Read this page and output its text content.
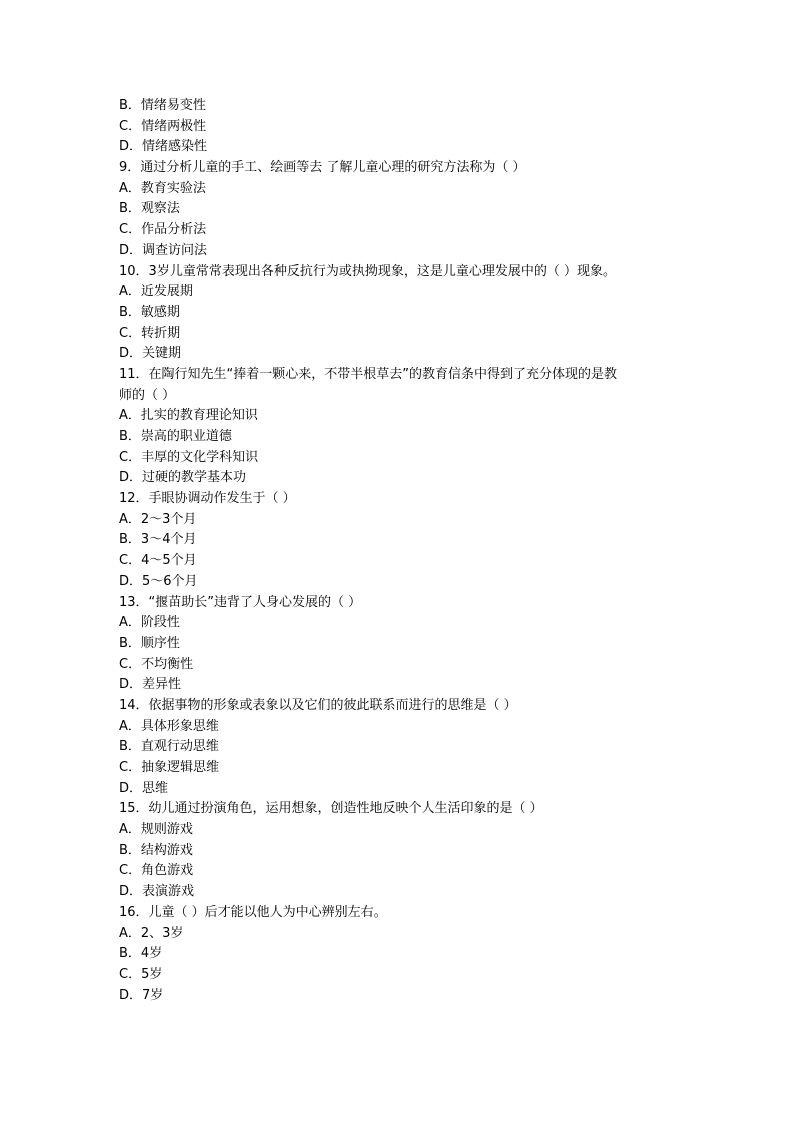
B．情绪易变性

C．情绪两极性

D．情绪感染性

9．通过分析儿童的手工、绘画等去 了解儿童心理的研究方法称为（ ）

A．教育实验法

B．观察法

C．作品分析法

D．调查访问法

10．3岁儿童常常表现出各种反抗行为或执拗现象，这是儿童心理发展中的（ ）现象。

A．近发展期

B．敏感期

C．转折期

D．关键期

11．在陶行知先生“捧着一颗心来，不带半根草去”的教育信条中得到了充分体现的是教

师的（ ）

A．扎实的教育理论知识

B．崇高的职业道德

C．丰厚的文化学科知识

D．过硬的教学基本功

12．手眼协调动作发生于（ ）

A．2～3个月

B．3～4个月

C．4～5个月

D．5～6个月

13．“揠苗助长”违背了人身心发展的（ ）

A．阶段性

B．顺序性

C．不均衡性

D．差异性

14．依据事物的形象或表象以及它们的彼此联系而进行的思维是（ ）

A．具体形象思维

B．直观行动思维

C．抽象逻辑思维

D．思维

15．幼儿通过扮演角色，运用想象，创造性地反映个人生活印象的是（ ）

A．规则游戏

B．结构游戏

C．角色游戏

D．表演游戏

16．儿童（ ）后才能以他人为中心辨别左右。

A．2、3岁

B．4岁

C．5岁

D．7岁
